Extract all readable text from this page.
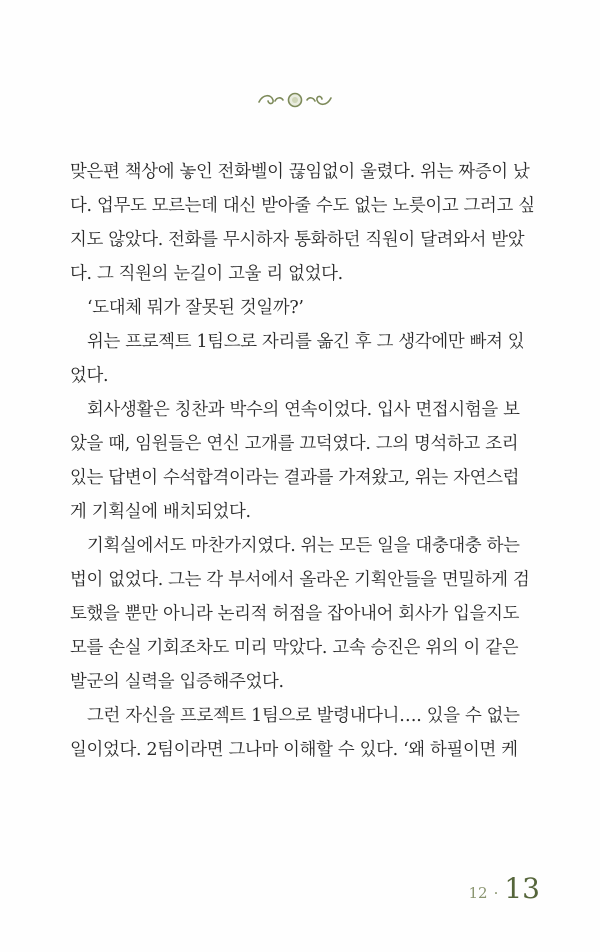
맞은편 책상에 놓인 전화벨이 끊임없이 울렸다. 위는 짜증이 났
다. 업무도 모르는데 대신 받아줄 수도 없는 노릇이고 그러고 싶
지도 않았다. 전화를 무시하자 통화하던 직원이 달려와서 받았
다. 그 직원의 눈길이 고울 리 없었다.
‘도대체 뭐가 잘못된 것일까?’
위는 프로젝트 1팀으로 자리를 옮긴 후 그 생각에만 빠져 있
었다.
회사생활은 칭찬과 박수의 연속이었다. 입사 면접시험을 보
았을 때, 임원들은 연신 고개를 끄덕였다. 그의 명석하고 조리
있는 답변이 수석합격이라는 결과를 가져왔고, 위는 자연스럽
게 기획실에 배치되었다.
기획실에서도 마찬가지였다. 위는 모든 일을 대충대충 하는
법이 없었다. 그는 각 부서에서 올라온 기획안들을 면밀하게 검
토했을 뿐만 아니라 논리적 허점을 잡아내어 회사가 입을지도
모를 손실 기회조차도 미리 막았다. 고속 승진은 위의 이 같은
발군의 실력을 입증해주었다.
그런 자신을 프로젝트 1팀으로 발령내다니…. 있을 수 없는
일이었다. 2팀이라면 그나마 이해할 수 있다. ‘왜 하필이면 케
12 · 13
